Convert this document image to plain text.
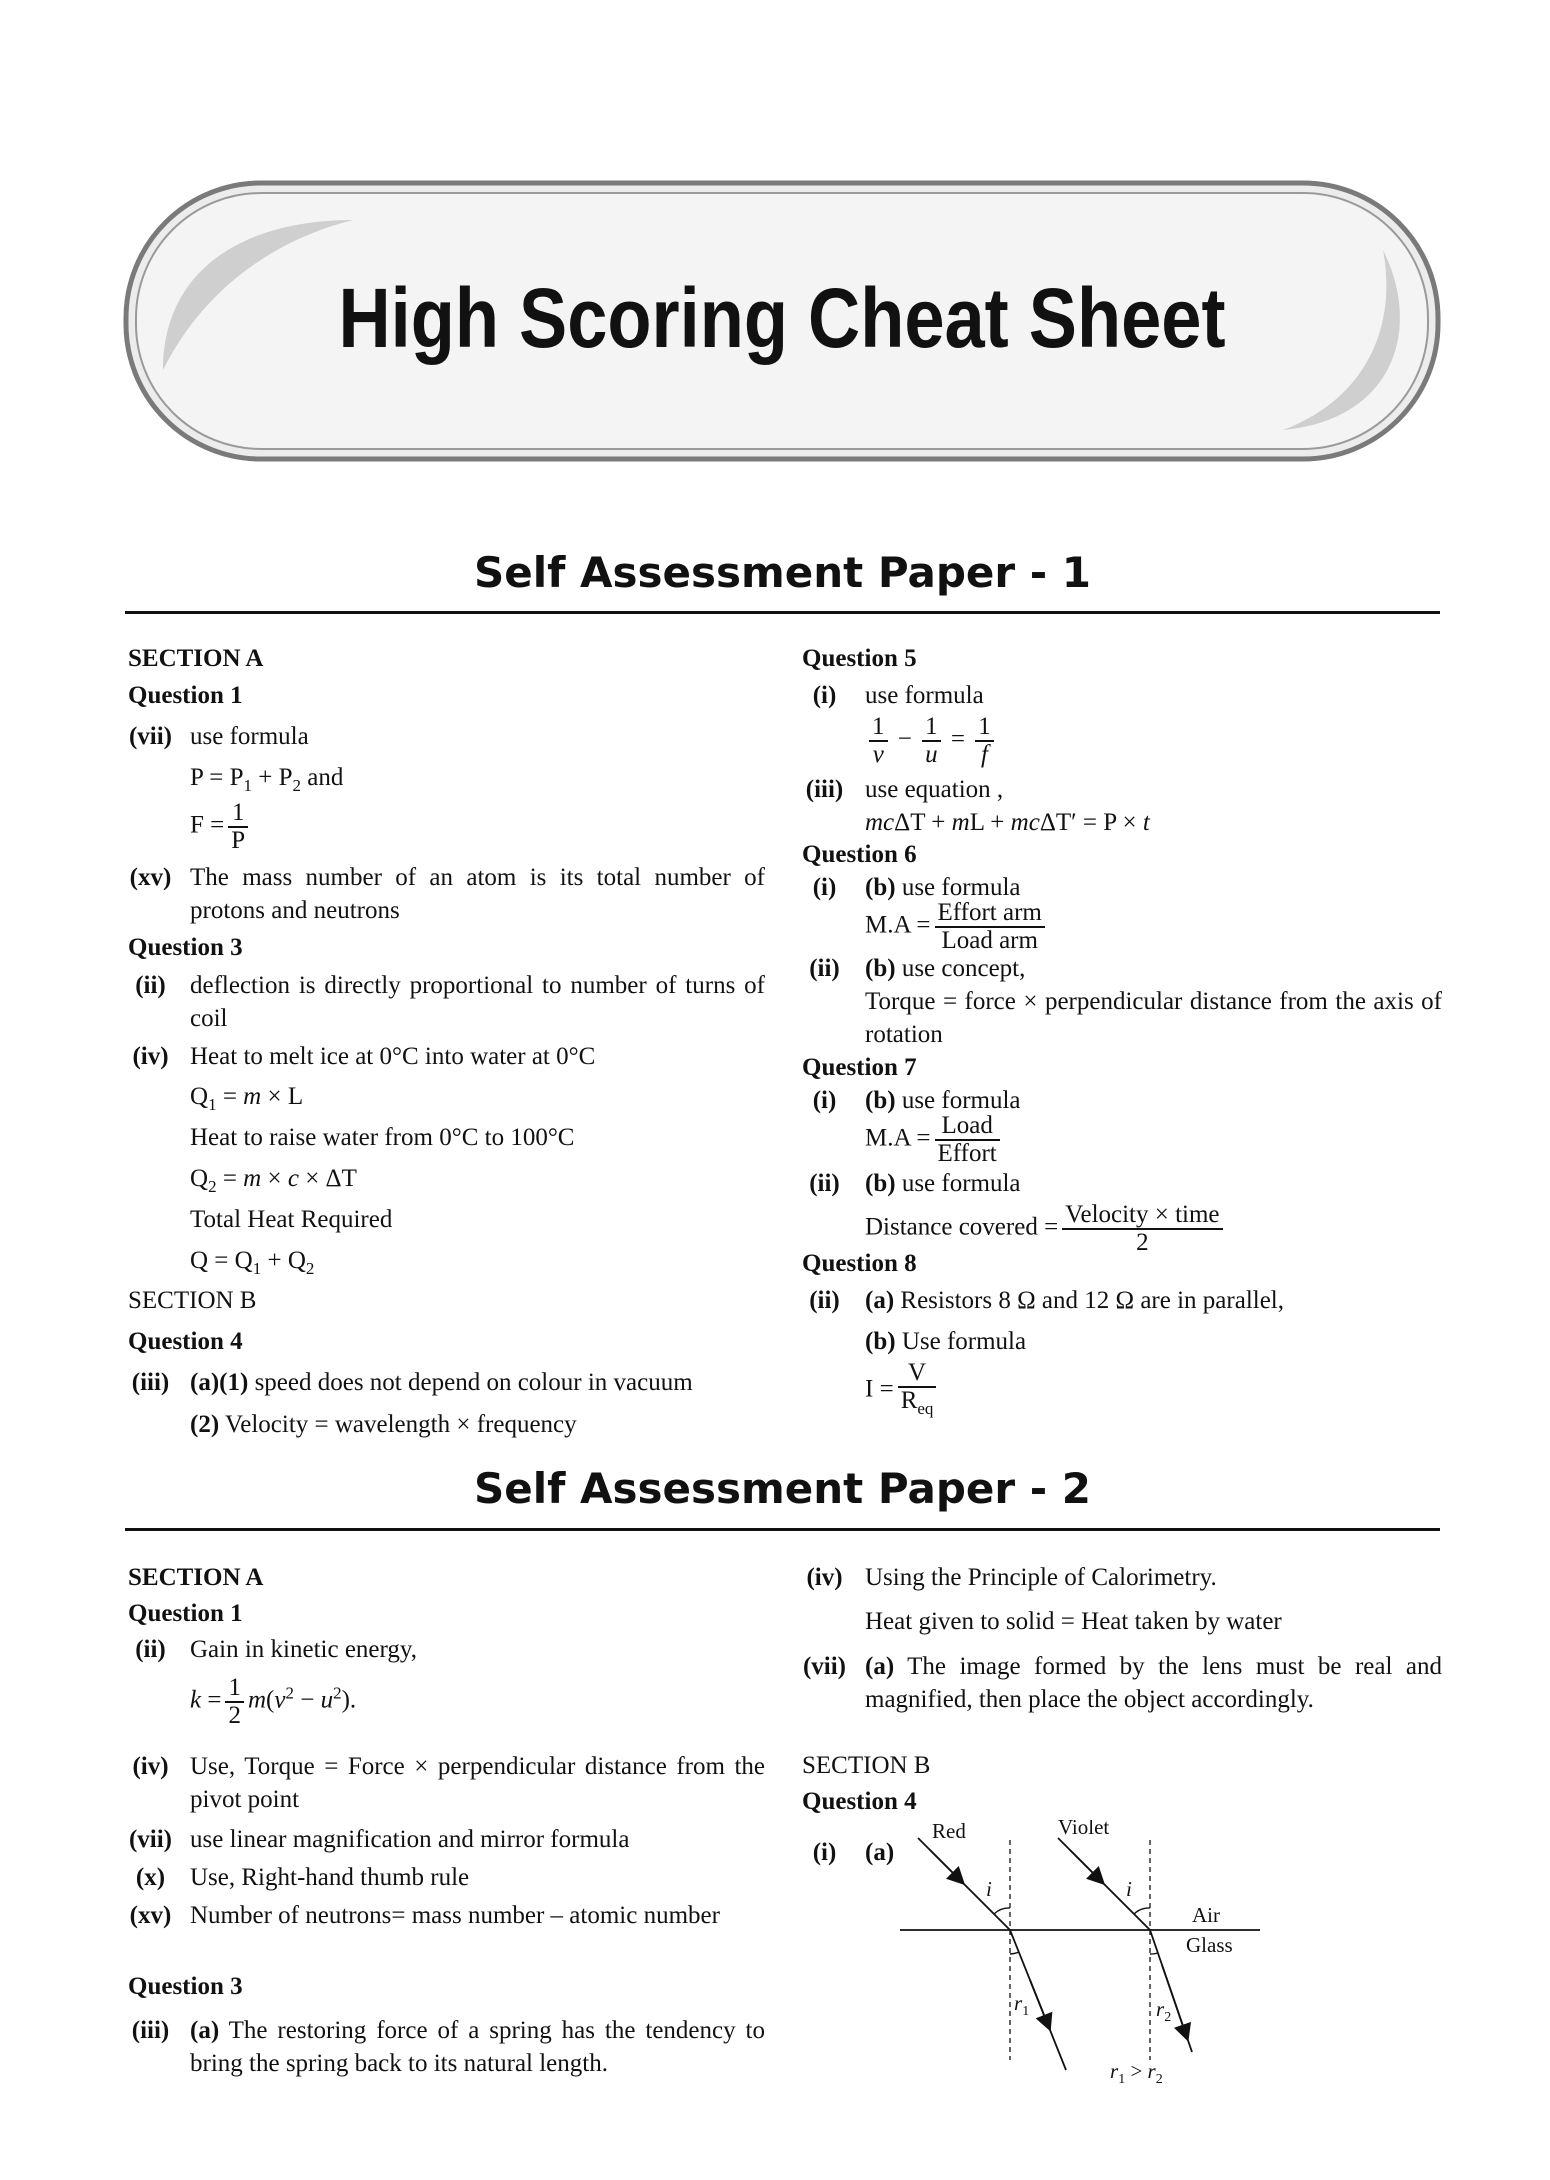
High Scoring Cheat Sheet
Self Assessment Paper - 1
SECTION A
Question 1
(vii) use formula
$P = P_1 + P_2$ and
$F = \frac{1}{P}$
(xv) The mass number of an atom is its total number of protons and neutrons
Question 3
(ii) deflection is directly proportional to number of turns of coil
(iv) Heat to melt ice at 0°C into water at 0°C
$Q_1 = m \times L$
Heat to raise water from 0°C to 100°C
$Q_2 = m \times c \times \Delta T$
Total Heat Required
$Q = Q_1 + Q_2$
SECTION B
Question 4
(iii) (a)(1) speed does not depend on colour in vacuum
(2) Velocity = wavelength × frequency
Question 5
(i)	use formula
$\frac{1}{v} - \frac{1}{u} = \frac{1}{f}$
(iii) use equation ,
mcΔT + mL + mcΔT′ = P × t
Question 6
(i)	(b) use formula
$M.A = \frac{\text{Effort arm}}{\text{Load arm}}$
(ii) (b) use concept,
Torque = force × perpendicular distance from the axis of rotation
Question 7
(i)	(b) use formula
$M.A = \frac{\text{Load}}{\text{Effort}}$
(ii) (b) use formula
Distance covered = $\frac{\text{Velocity × time}}{2}$
Question 8
(ii) (a) Resistors 8 Ω and 12 Ω are in parallel,
(b) Use formula
$I = \frac{V}{R_{eq}}$
Self Assessment Paper - 2
SECTION A
Question 1
(ii) Gain in kinetic energy,
$k = \frac{1}{2} m(v^2 - u^2)$.
(iv) Use, Torque = Force × perpendicular distance from the pivot point
(vii) use linear magnification and mirror formula
(x) Use, Right-hand thumb rule
(xv) Number of neutrons= mass number – atomic number
Question 3
(iii) (a) The restoring force of a spring has the tendency to bring the spring back to its natural length.
(iv) Using the Principle of Calorimetry.
Heat given to solid = Heat taken by water
(vii) (a) The image formed by the lens must be real and magnified, then place the object accordingly.
SECTION B
Question 4
(i)	(a)
Red	Violet
i	i
Air
Glass
$r_1$	$r_2$
$r_1 > r_2$
